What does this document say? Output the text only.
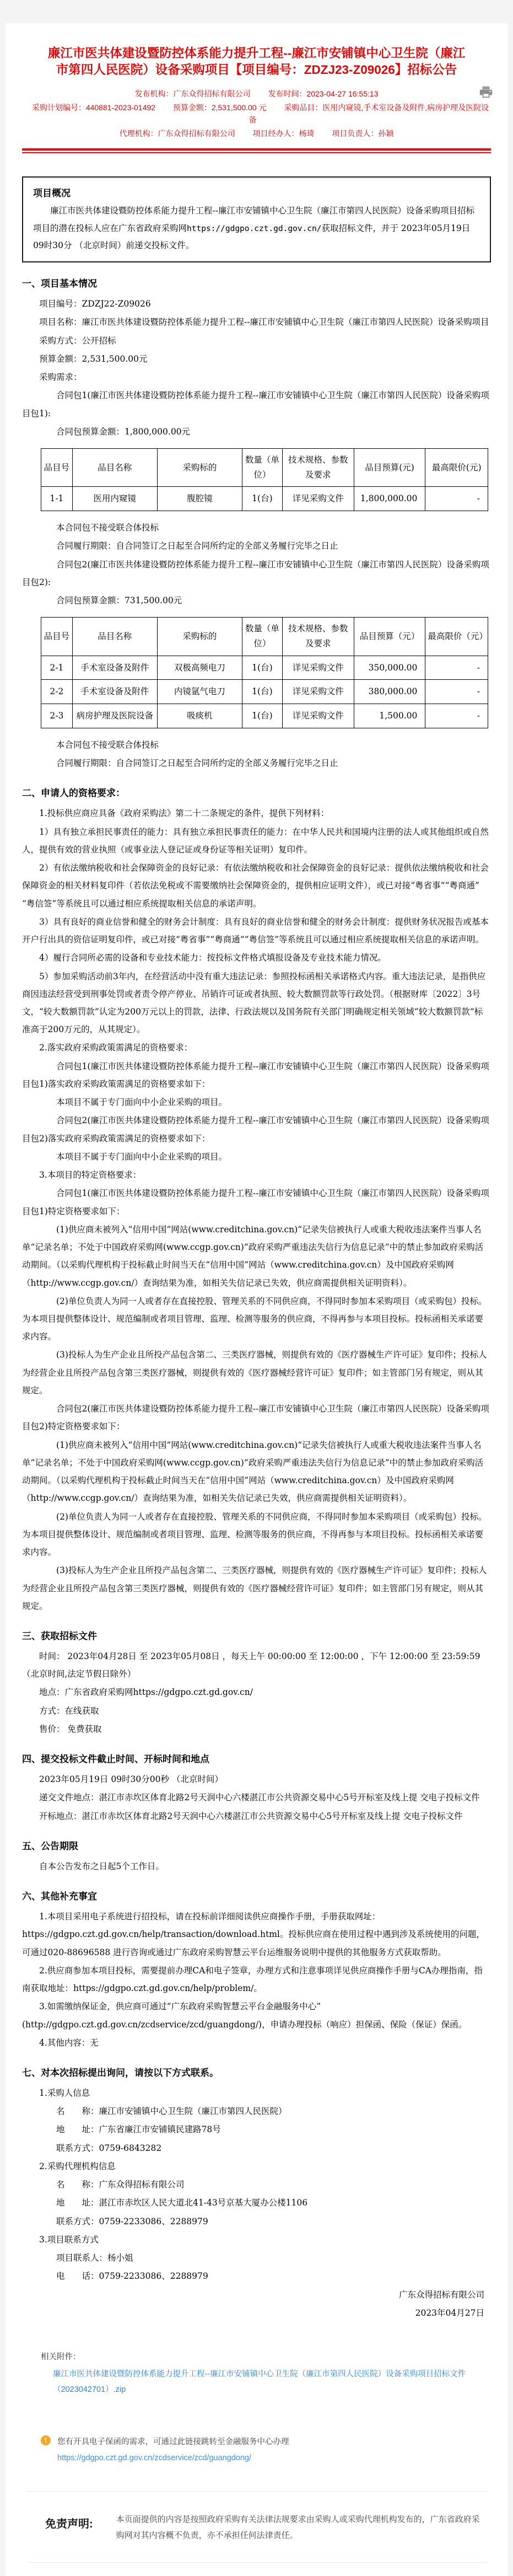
廉江市医共体建设暨防控体系能力提升工程--廉江市安铺镇中心卫生院（廉江市第四人民医院）设备采购项目【项目编号：ZDZJ23-Z09026】招标公告
发布机构：广东众得招标有限公司 发布时间：2023-04-27 16:55:13
采购计划编号：440881-2023-01492 预算金额：2,531,500.00 元 采购品目：医用内窥镜,手术室设备及附件,病房护理及医院设备
代理机构：广东众得招标有限公司 项目经办人：杨琦 项目负责人：孙颖
项目概况
廉江市医共体建设暨防控体系能力提升工程--廉江市安铺镇中心卫生院（廉江市第四人民医院）设备采购项目招标项目的潜在投标人应在广东省政府采购网https://gdgpo.czt.gd.gov.cn/获取招标文件，并于 2023年05月19日 09时30分 （北京时间）前递交投标文件。
一、项目基本情况
项目编号：ZDZJ22-Z09026
项目名称：廉江市医共体建设暨防控体系能力提升工程--廉江市安铺镇中心卫生院（廉江市第四人民医院）设备采购项目
采购方式：公开招标
预算金额：2,531,500.00元
采购需求：
合同包1(廉江市医共体建设暨防控体系能力提升工程--廉江市安铺镇中心卫生院（廉江市第四人民医院）设备采购项目包1):
合同包预算金额：1,800,000.00元
品目号	品目名称	采购标的	数量（单位）	技术规格、参数及要求	品目预算(元)	最高限价(元)
1-1	医用内窥镜	腹腔镜	1(台)	详见采购文件	1,800,000.00	-
本合同包不接受联合体投标
合同履行期限：自合同签订之日起至合同所约定的全部义务履行完毕之日止
合同包2(廉江市医共体建设暨防控体系能力提升工程--廉江市安铺镇中心卫生院（廉江市第四人民医院）设备采购项目包2):
合同包预算金额：731,500.00元
品目号	品目名称	采购标的	数量（单位）	技术规格、参数及要求	品目预算（元）	最高限价（元）
2-1	手术室设备及附件	双极高频电刀	1(台)	详见采购文件	350,000.00	-
2-2	手术室设备及附件	内镜氩气电刀	1(台)	详见采购文件	380,000.00	-
2-3	病房护理及医院设备	吸痰机	1(台)	详见采购文件	1,500.00	-
本合同包不接受联合体投标
合同履行期限：自合同签订之日起至合同所约定的全部义务履行完毕之日止
二、申请人的资格要求：
1.投标供应商应具备《政府采购法》第二十二条规定的条件，提供下列材料：
1）具有独立承担民事责任的能力：具有独立承担民事责任的能力：在中华人民共和国境内注册的法人或其他组织或自然人，提供有效的营业执照（或事业法人登记证或身份证等相关证明）复印件。
2）有依法缴纳税收和社会保障资金的良好记录：有依法缴纳税收和社会保障资金的良好记录：提供依法缴纳税收和社会保障资金的相关材料复印件（若依法免税或不需要缴纳社会保障资金的，提供相应证明文件），或已对接“粤省事”“粤商通”“粤信签”等系统且可以通过相应系统提取相关信息的承诺声明。
3）具有良好的商业信誉和健全的财务会计制度：具有良好的商业信誉和健全的财务会计制度：提供财务状况报告或基本开户行出具的资信证明复印件，或已对接“粤省事”“粤商通”“粤信签”等系统且可以通过相应系统提取相关信息的承诺声明。
4）履行合同所必需的设备和专业技术能力：按投标文件格式填报设备及专业技术能力情况。
5）参加采购活动前3年内，在经营活动中没有重大违法记录：参照投标函相关承诺格式内容。重大违法记录，是指供应商因违法经营受到刑事处罚或者责令停产停业、吊销许可证或者执照、较大数额罚款等行政处罚。（根据财库〔2022〕3号文，“较大数额罚款”认定为200万元以上的罚款，法律、行政法规以及国务院有关部门明确规定相关领域“较大数额罚款”标准高于200万元的，从其规定）。
2.落实政府采购政策需满足的资格要求：
合同包1(廉江市医共体建设暨防控体系能力提升工程--廉江市安铺镇中心卫生院（廉江市第四人民医院）设备采购项目包1)落实政府采购政策需满足的资格要求如下：
本项目不属于专门面向中小企业采购的项目。
合同包2(廉江市医共体建设暨防控体系能力提升工程--廉江市安铺镇中心卫生院（廉江市第四人民医院）设备采购项目包2)落实政府采购政策需满足的资格要求如下：
本项目不属于专门面向中小企业采购的项目。
3.本项目的特定资格要求：
合同包1(廉江市医共体建设暨防控体系能力提升工程--廉江市安铺镇中心卫生院（廉江市第四人民医院）设备采购项目包1)特定资格要求如下：
(1)供应商未被列入“信用中国”网站(www.creditchina.gov.cn)“记录失信被执行人或重大税收违法案件当事人名单”记录名单；不处于中国政府采购网(www.ccgp.gov.cn)“政府采购严重违法失信行为信息记录”中的禁止参加政府采购活动期间。（以采购代理机构于投标截止时间当天在“信用中国”网站（www.creditchina.gov.cn）及中国政府采购网（http://www.ccgp.gov.cn/）查询结果为准，如相关失信记录已失效，供应商需提供相关证明资料）。
(2)单位负责人为同一人或者存在直接控股、管理关系的不同供应商，不得同时参加本采购项目（或采购包）投标。为本项目提供整体设计、规范编制或者项目管理、监理、检测等服务的供应商，不得再参与本项目投标。投标函相关承诺要求内容。
(3)投标人为生产企业且所投产品包含第二、三类医疗器械，则提供有效的《医疗器械生产许可证》复印件；投标人为经营企业且所投产品包含第三类医疗器械，则提供有效的《医疗器械经营许可证》复印件；如主管部门另有规定，则从其规定。
合同包2(廉江市医共体建设暨防控体系能力提升工程--廉江市安铺镇中心卫生院（廉江市第四人民医院）设备采购项目包2)特定资格要求如下：
(1)供应商未被列入“信用中国”网站(www.creditchina.gov.cn)“记录失信被执行人或重大税收违法案件当事人名单”记录名单；不处于中国政府采购网(www.ccgp.gov.cn)“政府采购严重违法失信行为信息记录”中的禁止参加政府采购活动期间。（以采购代理机构于投标截止时间当天在“信用中国”网站（www.creditchina.gov.cn）及中国政府采购网（http://www.ccgp.gov.cn/）查询结果为准，如相关失信记录已失效，供应商需提供相关证明资料）。
(2)单位负责人为同一人或者存在直接控股、管理关系的不同供应商，不得同时参加本采购项目（或采购包）投标。为本项目提供整体设计、规范编制或者项目管理、监理、检测等服务的供应商，不得再参与本项目投标。投标函相关承诺要求内容。
(3)投标人为生产企业且所投产品包含第二、三类医疗器械，则提供有效的《医疗器械生产许可证》复印件；投标人为经营企业且所投产品包含第三类医疗器械，则提供有效的《医疗器械经营许可证》复印件；如主管部门另有规定，则从其规定。
三、获取招标文件
时间： 2023年04月28日 至 2023年05月08日 ，每天上午 00:00:00 至 12:00:00 ，下午 12:00:00 至 23:59:59 （北京时间,法定节假日除外）
地点：广东省政府采购网https://gdgpo.czt.gd.gov.cn/
方式：在线获取
售价： 免费获取
四、提交投标文件截止时间、开标时间和地点
2023年05月19日 09时30分00秒 （北京时间）
递交文件地点：湛江市赤坎区体育北路2号天润中心六楼湛江市公共资源交易中心5号开标室及线上提 交电子投标文件
开标地点：湛江市赤坎区体育北路2号天润中心六楼湛江市公共资源交易中心5号开标室及线上提 交电子投标文件
五、公告期限
自本公告发布之日起5个工作日。
六、其他补充事宜
1.本项目采用电子系统进行招投标，请在投标前详细阅读供应商操作手册，手册获取网址：https://gdgpo.czt.gd.gov.cn/help/transaction/download.html。投标供应商在使用过程中遇到涉及系统使用的问题，可通过020-88696588 进行咨询或通过广东政府采购智慧云平台运维服务说明中提供的其他服务方式获取帮助。
2.供应商参加本项目投标，需要提前办理CA和电子签章，办理方式和注意事项详见供应商操作手册与CA办理指南，指南获取地址：https://gdgpo.czt.gd.gov.cn/help/problem/。
3.如需缴纳保证金，供应商可通过“广东政府采购智慧云平台金融服务中心”(http://gdgpo.czt.gd.gov.cn/zcdservice/zcd/guangdong/)，申请办理投标（响应）担保函、保险（保证）保函。
4.其他内容：无
七、对本次招标提出询问，请按以下方式联系。
1.采购人信息
名　　称：廉江市安铺镇中心卫生院（廉江市第四人民医院）
地　　址：广东省廉江市安铺镇民建路78号
联系方式：0759-6843282
2.采购代理机构信息
名　　称：广东众得招标有限公司
地　　址：湛江市赤坎区人民大道北41-43号京基大厦办公楼1106
联系方式：0759-2233086、2288979
3.项目联系方式
项目联系人：杨小姐
电　　话：0759-2233086、2288979
广东众得招标有限公司
2023年04月27日
相关附件：
廉江市医共体建设暨防控体系能力提升工程--廉江市安铺镇中心卫生院（廉江市第四人民医院）设备采购项目招标文件（2023042701）.zip
!	您有开具电子保函的需求，可通过此链接跳转至金融服务中心办理
https://gdgpo.czt.gd.gov.cn/zcdservice/zcd/guangdong/
免责声明:	本页面提供的内容是按照政府采购有关法律法规要求由采购人或采购代理机构发布的，广东省政府采购网对其内容概不负责，亦不承担任何法律责任。
